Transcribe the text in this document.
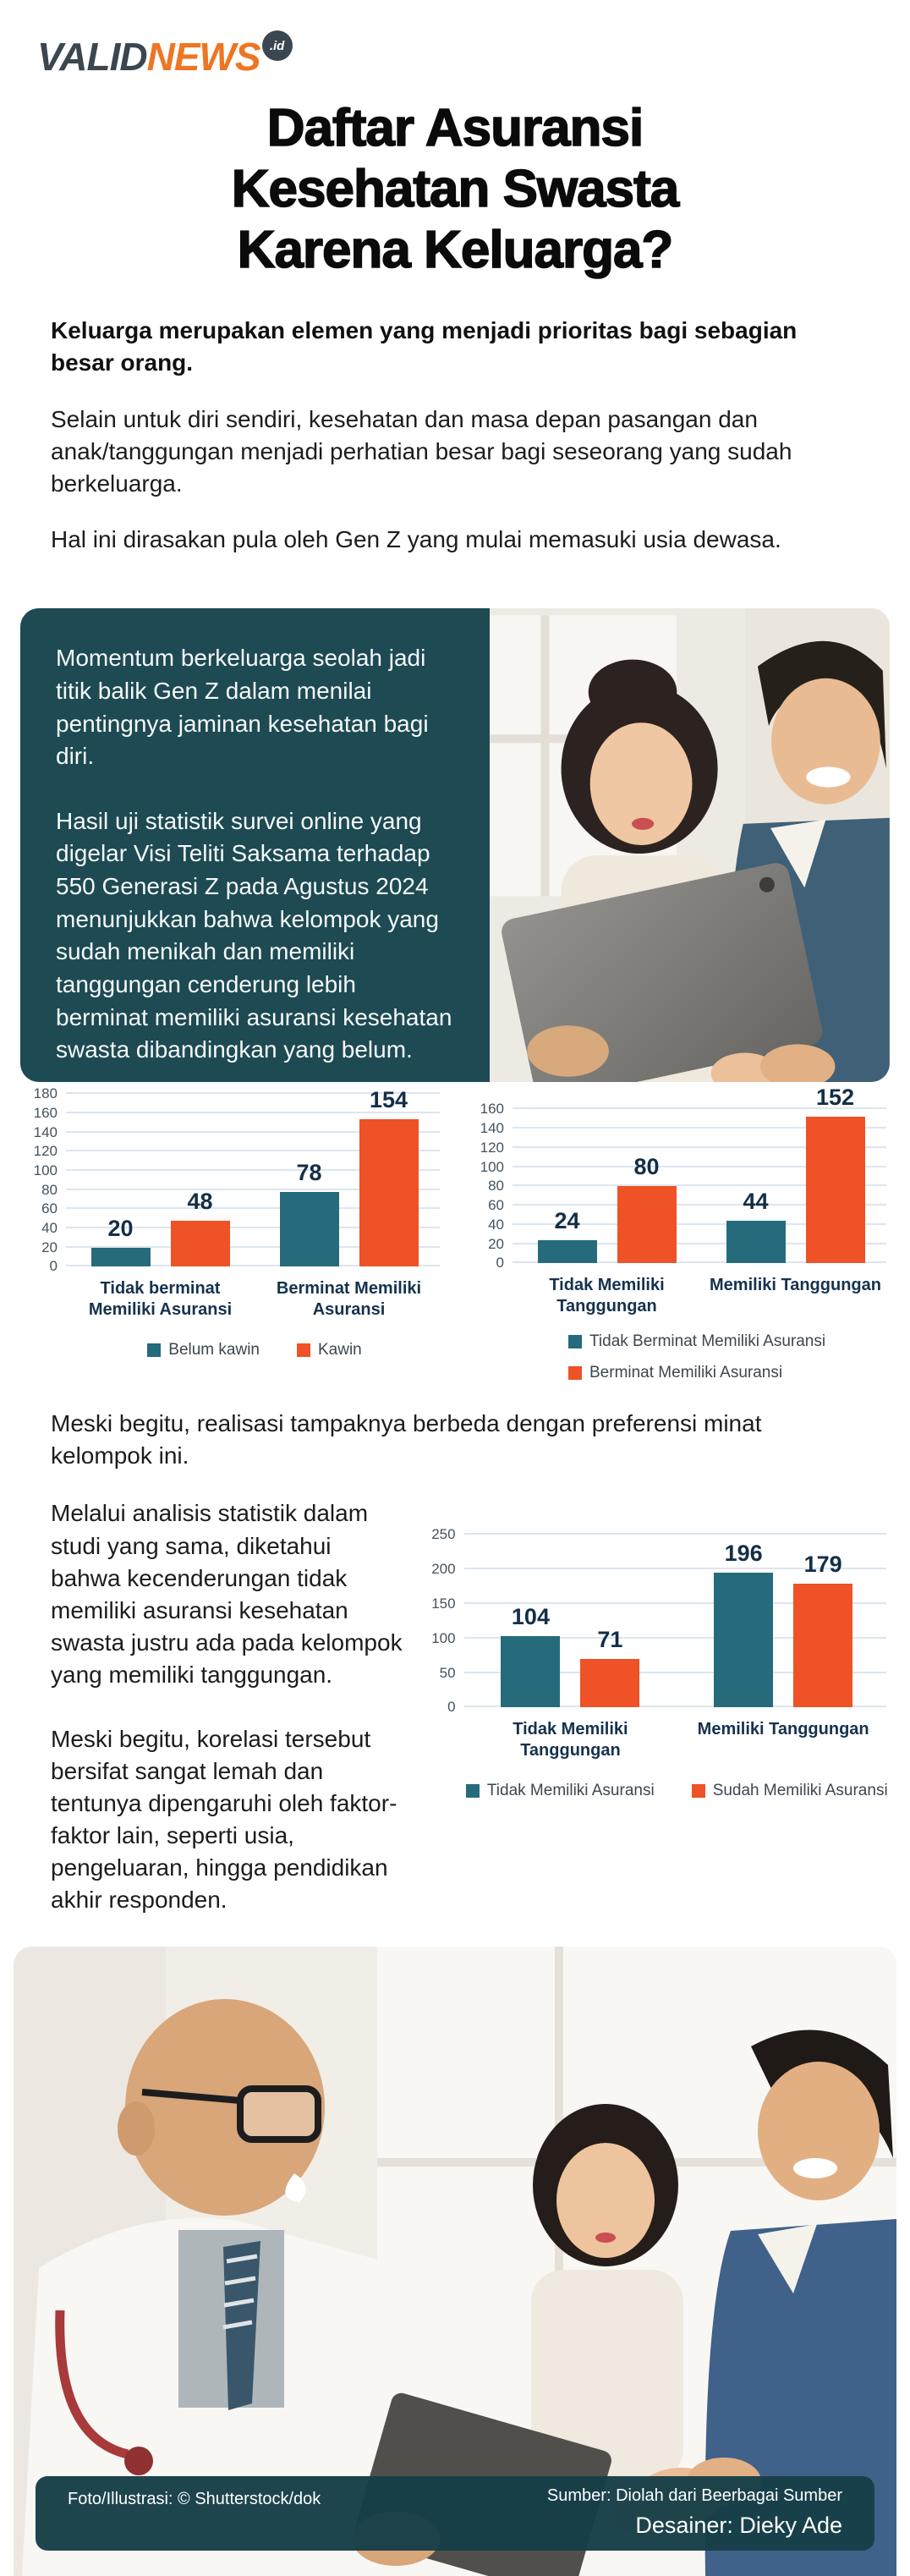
VALID NEWS .id
Daftar Asuransi
Kesehatan Swasta
Karena Keluarga?

Keluarga merupakan elemen yang menjadi prioritas bagi sebagian besar orang.

Selain untuk diri sendiri, kesehatan dan masa depan pasangan dan anak/tanggungan menjadi perhatian besar bagi seseorang yang sudah berkeluarga.

Hal ini dirasakan pula oleh Gen Z yang mulai memasuki usia dewasa.

Momentum berkeluarga seolah jadi titik balik Gen Z dalam menilai pentingnya jaminan kesehatan bagi diri.

Hasil uji statistik survei online yang digelar Visi Teliti Saksama terhadap 550 Generasi Z pada Agustus 2024 menunjukkan bahwa kelompok yang sudah menikah dan memiliki tanggungan cenderung lebih berminat memiliki asuransi kesehatan swasta dibandingkan yang belum.

0
20
40
60
80
100
120
140
160
180
20
48
78
154
Tidak berminat Memiliki Asuransi
Berminat Memiliki Asuransi
Belum kawin	Kawin
0
20
40
60
80
100
120
140
160
24
80
44
152
Tidak Memiliki Tanggungan
Memiliki Tanggungan
Tidak Berminat Memiliki Asuransi
Berminat Memiliki Asuransi

Meski begitu, realisasi tampaknya berbeda dengan preferensi minat kelompok ini.

Melalui analisis statistik dalam studi yang sama, diketahui bahwa kecenderungan tidak memiliki asuransi kesehatan swasta justru ada pada kelompok yang memiliki tanggungan.

Meski begitu, korelasi tersebut bersifat sangat lemah dan tentunya dipengaruhi oleh faktor-faktor lain, seperti usia, pengeluaran, hingga pendidikan akhir responden.

0
50
100
150
200
250
104
71
196	179
Tidak Memiliki Tanggungan
Memiliki Tanggungan
Tidak Memiliki Asuransi	Sudah Memiliki Asuransi
Foto/Illustrasi: © Shutterstock/dok	Sumber: Diolah dari Beerbagai Sumber
Desainer: Dieky Ade
